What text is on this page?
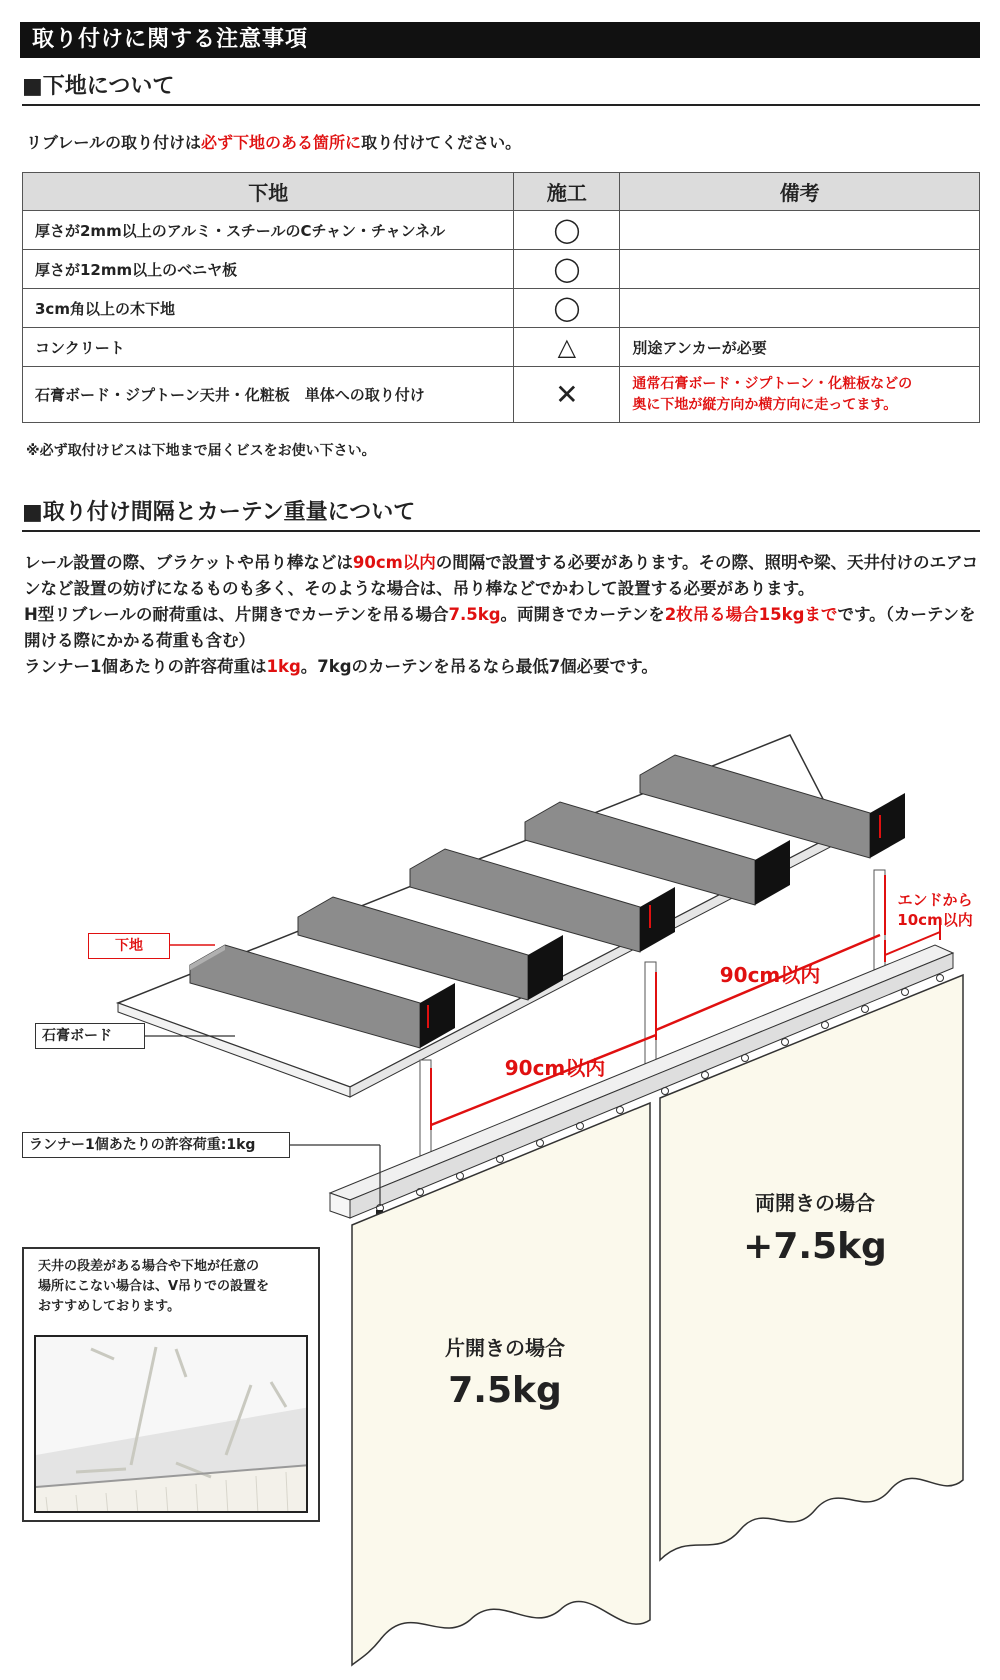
取り付けに関する注意事項
■下地について
リブレールの取り付けは必ず下地のある箇所に取り付けてください。
下地	施工	備考
厚さが2mm以上のアルミ・スチールのCチャン・チャンネル	◯	
厚さが12mm以上のベニヤ板	◯	
3cm角以上の木下地	◯	
コンクリート	△	別途アンカーが必要
石膏ボード・ジプトーン天井・化粧板　単体への取り付け	✕	通常石膏ボード・ジプトーン・化粧板などの
奥に下地が縦方向か横方向に走ってます。
※必ず取付けビスは下地まで届くビスをお使い下さい。
■取り付け間隔とカーテン重量について

レール設置の際、ブラケットや吊り棒などは90cm以内の間隔で設置する必要があります。その際、照明や梁、天井付けのエアコンなど設置の妨げになるものも多く、そのような場合は、吊り棒などでかわして設置する必要があります。

H型リブレールの耐荷重は、片開きでカーテンを吊る場合7.5kg。両開きでカーテンを2枚吊る場合15kgまでです。（カーテンを開ける際にかかる荷重も含む）

ランナー1個あたりの許容荷重は1kg。7kgのカーテンを吊るなら最低7個必要です。

90cm以内
90cm以内
エンドから
10cm以内
片開きの場合
7.5kg
両開きの場合
+7.5kg
下地
石膏ボード
ランナー1個あたりの許容荷重:1kg

天井の段差がある場合や下地が任意の

場所にこない場合は、V吊りでの設置を

おすすめしております。
